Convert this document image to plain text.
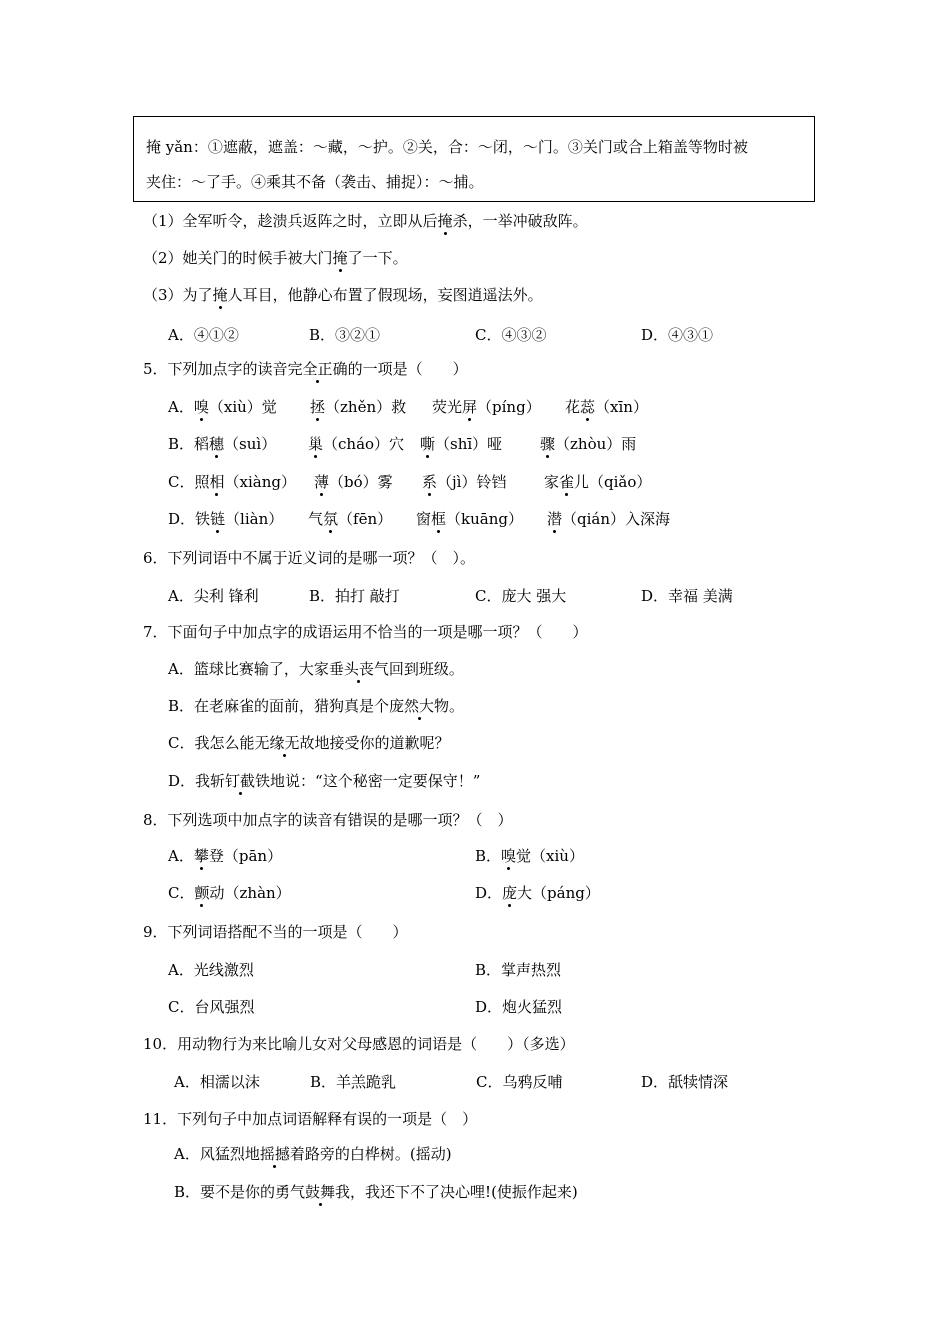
掩 yǎn：①遮蔽，遮盖：～藏，～护。②关，合：～闭，～门。③关门或合上箱盖等物时被
夹住：～了手。④乘其不备（袭击、捕捉）：～捕。
（1）全军听令，趁溃兵返阵之时，立即从后掩杀，一举冲破敌阵。
（2）她关门的时候手被大门掩了一下。
（3）为了掩人耳目，他静心布置了假现场，妄图逍遥法外。
A．④①②	B．③②①	C．④③②	D．④③①
5．下列加点字的读音完全正确的一项是（　　）
A．嗅（xiù）觉 拯（zhěn）救 荧光屏（píng） 花蕊（xīn）
B．稻穗（suì） 巢（cháo）穴 嘶（shī）哑	骤（zhòu）雨
C．照相（xiàng） 薄（bó）雾 系（jì）铃铛	家雀儿（qiǎo）
D．铁链（liàn） 气氛（fēn） 窗框（kuāng） 潜（qián）入深海
6．下列词语中不属于近义词的是哪一项？（　）。
A．尖利 锋利	B．拍打 敲打	C．庞大 强大	D．幸福 美满
7．下面句子中加点字的成语运用不恰当的一项是哪一项？（　　）
A．篮球比赛输了，大家垂头丧气回到班级。
B．在老麻雀的面前，猎狗真是个庞然大物。
C．我怎么能无缘无故地接受你的道歉呢？
D．我斩钉截铁地说：“这个秘密一定要保守！”
8．下列选项中加点字的读音有错误的是哪一项？（　）
A．攀登（pān）	B．嗅觉（xiù）
C．颤动（zhàn）	D．庞大（páng）
9．下列词语搭配不当的一项是（　　）
A．光线激烈	B．掌声热烈
C．台风强烈	D．炮火猛烈
10．用动物行为来比喻儿女对父母感恩的词语是（　　）（多选）
A．相濡以沫	B．羊羔跪乳	C．乌鸦反哺	D．舐犊情深
11．下列句子中加点词语解释有误的一项是（　）
A．风猛烈地摇撼着路旁的白桦树。(摇动)
B．要不是你的勇气鼓舞我，我还下不了决心哩!(使振作起来)
